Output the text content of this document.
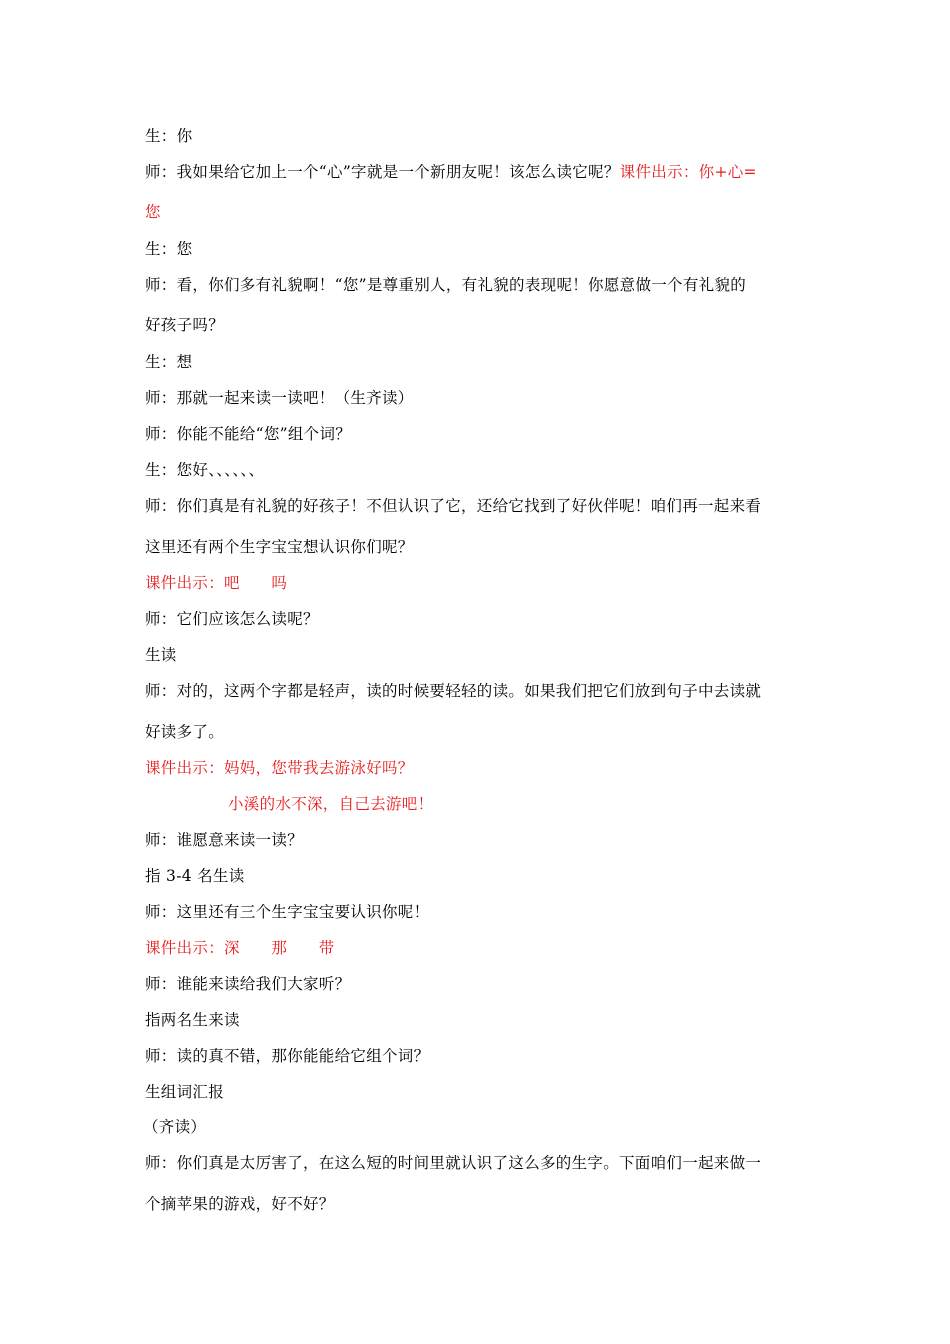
生：你
师：我如果给它加上一个“心”字就是一个新朋友呢！该怎么读它呢？课件出示：你+心=
您
生：您
师：看，你们多有礼貌啊！“您”是尊重别人，有礼貌的表现呢！你愿意做一个有礼貌的
好孩子吗？
生：想
师：那就一起来读一读吧！（生齐读）
师：你能不能给“您”组个词？
生：您好、、、、、、
师：你们真是有礼貌的好孩子！不但认识了它，还给它找到了好伙伴呢！咱们再一起来看
这里还有两个生字宝宝想认识你们呢？
课件出示：吧　　吗
师：它们应该怎么读呢？
生读
师：对的，这两个字都是轻声，读的时候要轻轻的读。如果我们把它们放到句子中去读就
好读多了。
课件出示：妈妈，您带我去游泳好吗？
小溪的水不深，自己去游吧！
师：谁愿意来读一读？
指 3-4 名生读
师：这里还有三个生字宝宝要认识你呢！
课件出示：深　　那　　带
师：谁能来读给我们大家听？
指两名生来读
师：读的真不错，那你能能给它组个词？
生组词汇报
（齐读）
师：你们真是太厉害了，在这么短的时间里就认识了这么多的生字。下面咱们一起来做一
个摘苹果的游戏，好不好？
